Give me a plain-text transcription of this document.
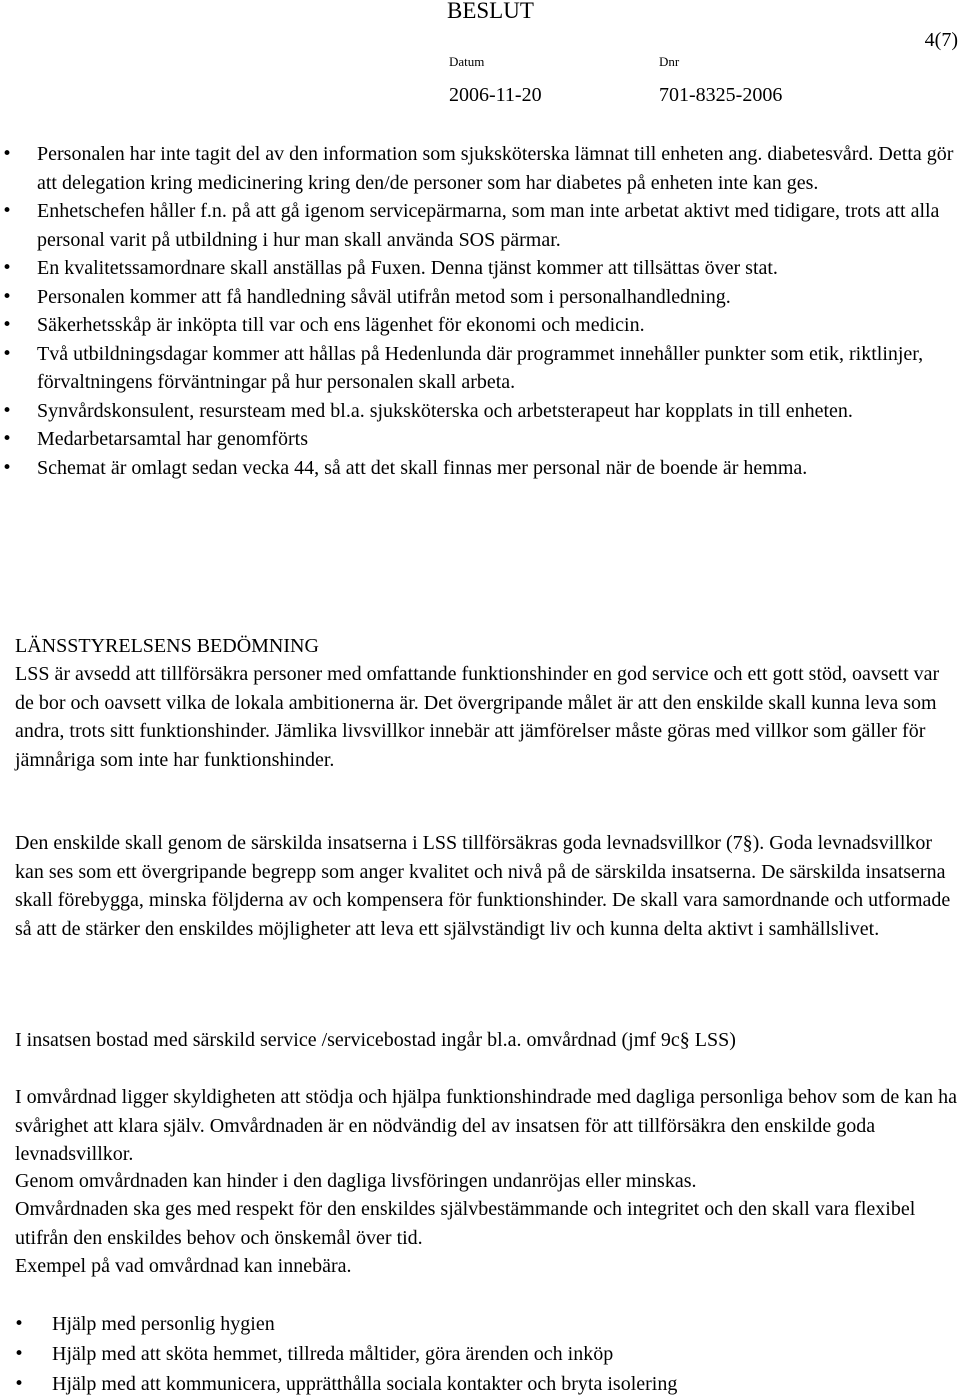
BESLUT
4(7)
Datum	Dnr
2006-11-20	701-8325-2006
• Personalen har inte tagit del av den information som sjuksköterska lämnat till enheten ang. diabetesvård. Detta gör att delegation kring medicinering kring den/de personer som har diabetes på enheten inte kan ges.
• Enhetschefen håller f.n. på att gå igenom servicepärmarna, som man inte arbetat aktivt med tidigare, trots att alla personal varit på utbildning i hur man skall använda SOS pärmar.
• En kvalitetssamordnare skall anställas på Fuxen. Denna tjänst kommer att tillsättas över stat.
• Personalen kommer att få handledning såväl utifrån metod som i personalhandledning.
• Säkerhetsskåp är inköpta till var och ens lägenhet för ekonomi och medicin.
• Två utbildningsdagar kommer att hållas på Hedenlunda där programmet innehåller punkter som etik, riktlinjer, förvaltningens förväntningar på hur personalen skall arbeta.
• Synvårdskonsulent, resursteam med bl.a. sjuksköterska och arbetsterapeut har kopplats in till enheten.
• Medarbetarsamtal har genomförts
• Schemat är omlagt sedan vecka 44, så att det skall finnas mer personal när de boende är hemma.
LÄNSSTYRELSENS BEDÖMNING

LSS är avsedd att tillförsäkra personer med omfattande funktionshinder en god service och ett gott stöd, oavsett var de bor och oavsett vilka de lokala ambitionerna är. Det övergripande målet är att den enskilde skall kunna leva som andra, trots sitt funktionshinder. Jämlika livsvillkor innebär att jämförelser måste göras med villkor som gäller för jämnåriga som inte har funktionshinder.

Den enskilde skall genom de särskilda insatserna i LSS tillförsäkras goda levnadsvillkor (7§). Goda levnadsvillkor kan ses som ett övergripande begrepp som anger kvalitet och nivå på de särskilda insatserna. De särskilda insatserna skall förebygga, minska följderna av och kompensera för funktionshinder. De skall vara samordnande och utformade så att de stärker den enskildes möjligheter att leva ett självständigt liv och kunna delta aktivt i samhällslivet.

I insatsen bostad med särskild service /servicebostad ingår bl.a. omvårdnad (jmf 9c§ LSS)

I omvårdnad ligger skyldigheten att stödja och hjälpa funktionshindrade med dagliga personliga behov som de kan ha svårighet att klara själv. Omvårdnaden är en nödvändig del av insatsen för att tillförsäkra den enskilde goda levnadsvillkor.

Genom omvårdnaden kan hinder i den dagliga livsföringen undanröjas eller minskas.

Omvårdnaden ska ges med respekt för den enskildes självbestämmande och integritet och den skall vara flexibel utifrån den enskildes behov och önskemål över tid.

Exempel på vad omvårdnad kan innebära.

• Hjälp med personlig hygien
• Hjälp med att sköta hemmet, tillreda måltider, göra ärenden och inköp
• Hjälp med att kommunicera, upprätthålla sociala kontakter och bryta isolering
